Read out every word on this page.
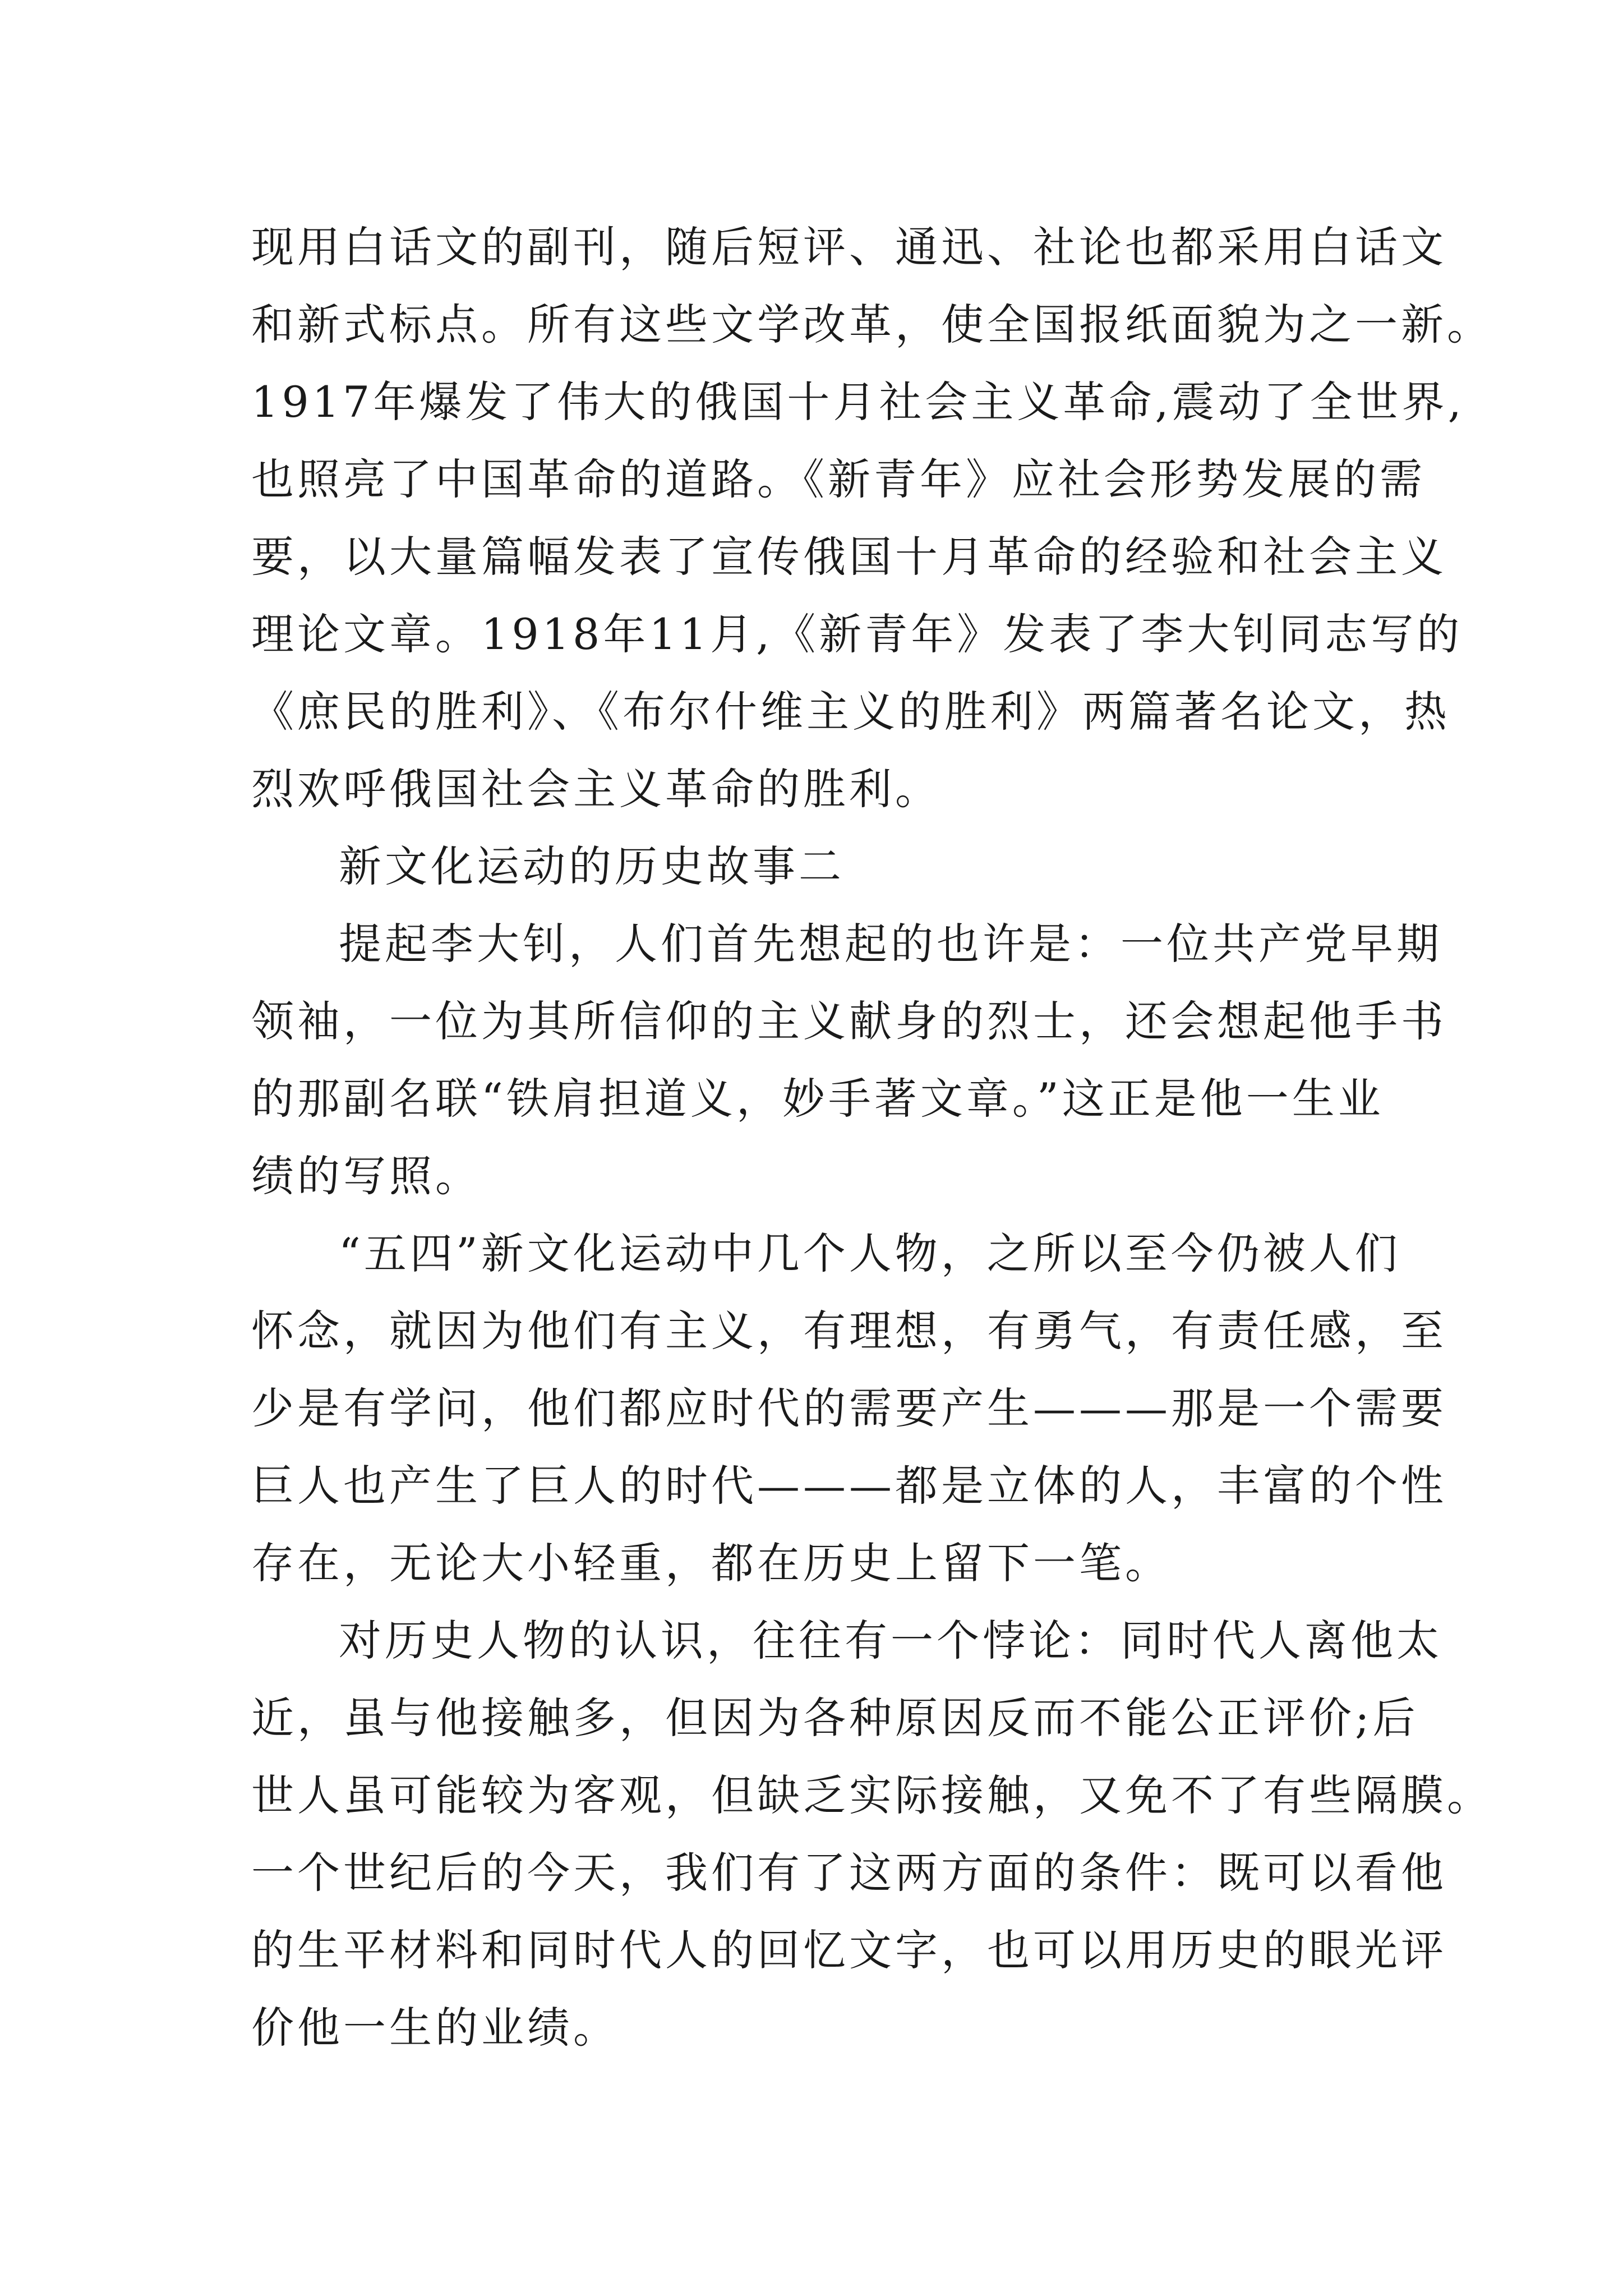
现用白话文的副刊，随后短评、通迅、社论也都采用白话文
和新式标点。所有这些文学改革，使全国报纸面貌为之一新。
1917年爆发了伟大的俄国十月社会主义革命,震动了全世界,
也照亮了中国革命的道路。《新青年》应社会形势发展的需
要，以大量篇幅发表了宣传俄国十月革命的经验和社会主义
理论文章。1918年11月,《新青年》发表了李大钊同志写的
《庶民的胜利》、《布尔什维主义的胜利》两篇著名论文，热
烈欢呼俄国社会主义革命的胜利。
新文化运动的历史故事二
提起李大钊，人们首先想起的也许是：一位共产党早期
领袖，一位为其所信仰的主义献身的烈士，还会想起他手书
的那副名联“铁肩担道义，妙手著文章。”这正是他一生业
绩的写照。
“五四”新文化运动中几个人物，之所以至今仍被人们
怀念，就因为他们有主义，有理想，有勇气，有责任感，至
少是有学问，他们都应时代的需要产生———那是一个需要
巨人也产生了巨人的时代———都是立体的人，丰富的个性
存在，无论大小轻重，都在历史上留下一笔。
对历史人物的认识，往往有一个悖论：同时代人离他太
近，虽与他接触多，但因为各种原因反而不能公正评价;后
世人虽可能较为客观，但缺乏实际接触，又免不了有些隔膜。
一个世纪后的今天，我们有了这两方面的条件：既可以看他
的生平材料和同时代人的回忆文字，也可以用历史的眼光评
价他一生的业绩。
